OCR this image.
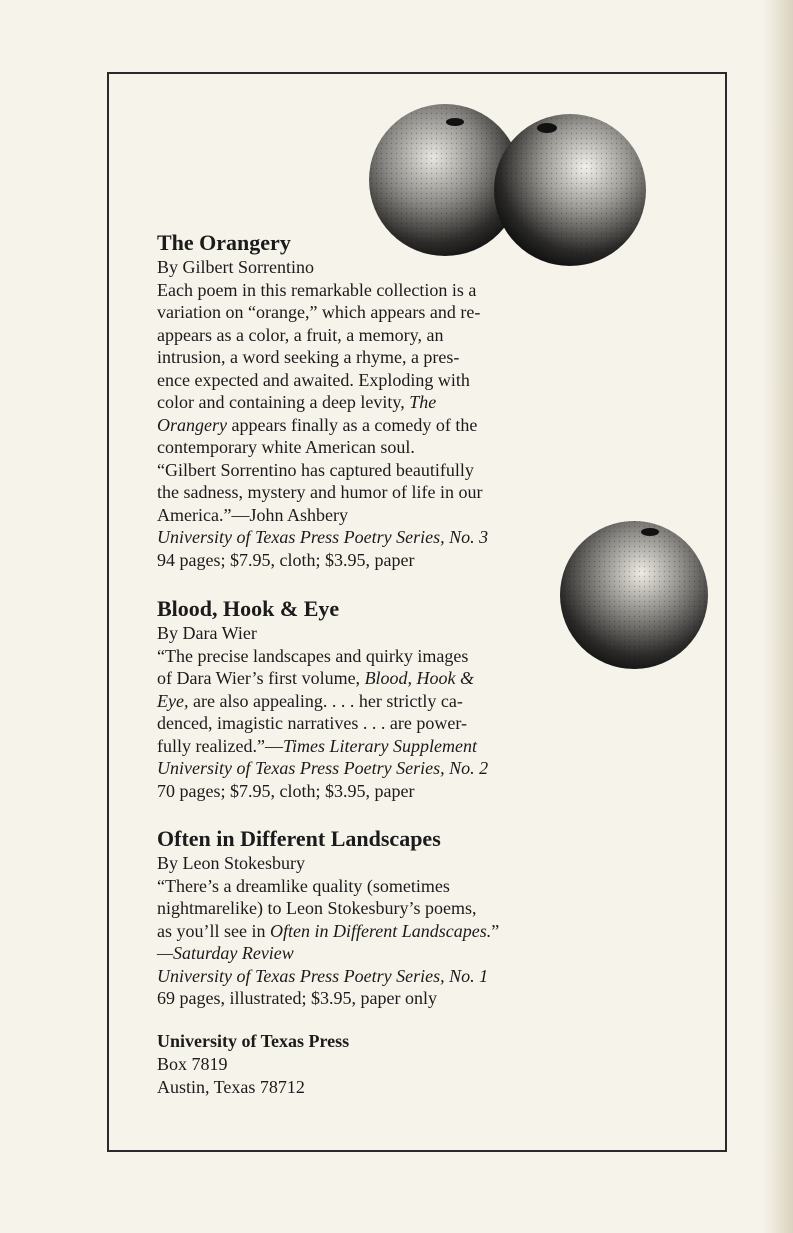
The Orangery

By Gilbert Sorrentino

Each poem in this remarkable collection is a

variation on “orange,” which appears and re-

appears as a color, a fruit, a memory, an

intrusion, a word seeking a rhyme, a pres-

ence expected and awaited. Exploding with

color and containing a deep levity, The

Orangery appears finally as a comedy of the

contemporary white American soul.

“Gilbert Sorrentino has captured beautifully

the sadness, mystery and humor of life in our

America.”—John Ashbery

University of Texas Press Poetry Series, No. 3

94 pages; $7.95, cloth; $3.95, paper

Blood, Hook & Eye

By Dara Wier

“The precise landscapes and quirky images

of Dara Wier’s first volume, Blood, Hook &

Eye, are also appealing. . . . her strictly ca-

denced, imagistic narratives . . . are power-

fully realized.”—Times Literary Supplement

University of Texas Press Poetry Series, No. 2

70 pages; $7.95, cloth; $3.95, paper

Often in Different Landscapes

By Leon Stokesbury

“There’s a dreamlike quality (sometimes

nightmarelike) to Leon Stokesbury’s poems,

as you’ll see in Often in Different Landscapes.”

—Saturday Review

University of Texas Press Poetry Series, No. 1

69 pages, illustrated; $3.95, paper only

University of Texas Press
Box 7819
Austin, Texas 78712
